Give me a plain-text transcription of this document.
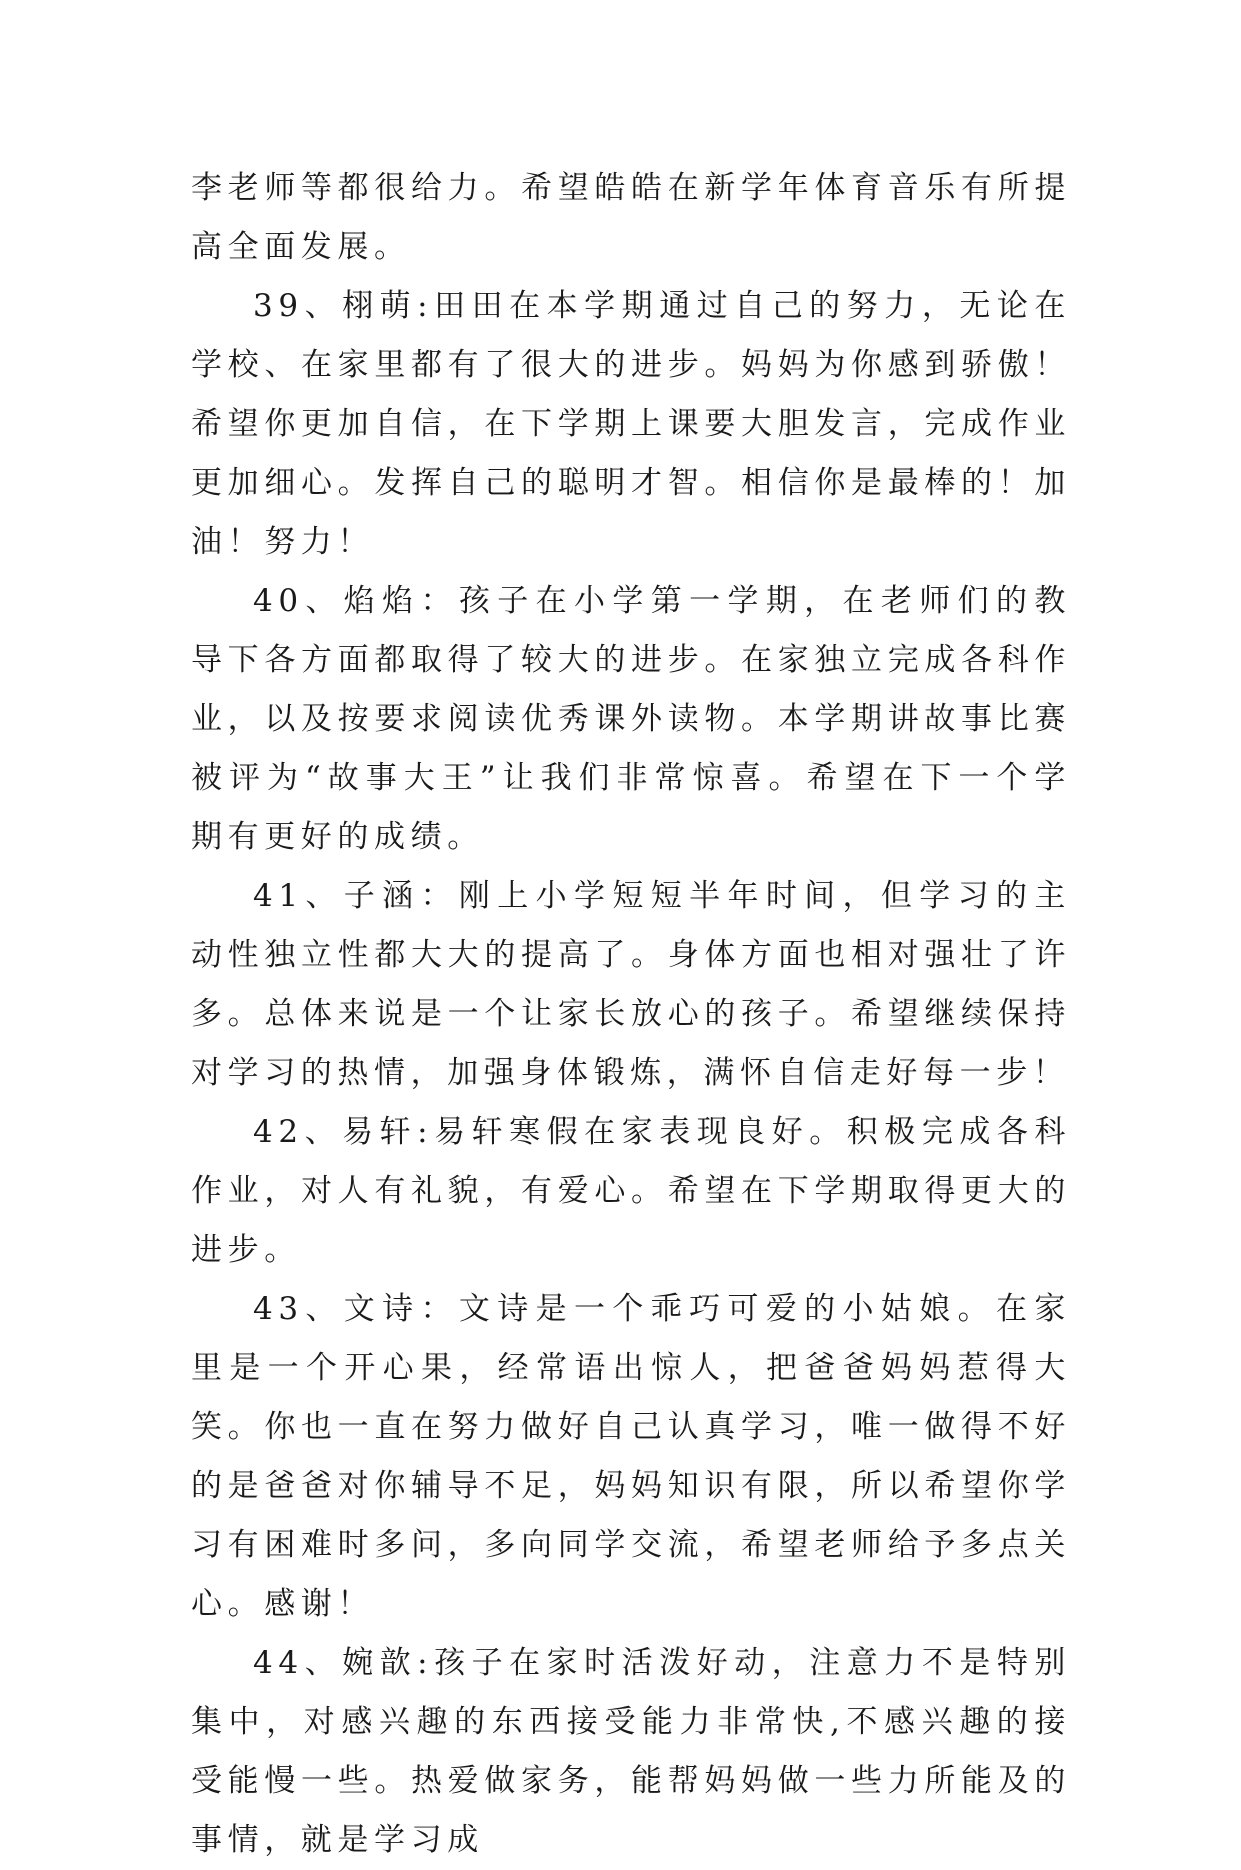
李老师等都很给力。希望皓皓在新学年体育音乐有所提高全面发展。

39、栩萌:田田在本学期通过自己的努力，无论在学校、在家里都有了很大的进步。妈妈为你感到骄傲！希望你更加自信，在下学期上课要大胆发言，完成作业更加细心。发挥自己的聪明才智。相信你是最棒的！加油！努力！

40、焰焰：孩子在小学第一学期，在老师们的教导下各方面都取得了较大的进步。在家独立完成各科作业，以及按要求阅读优秀课外读物。本学期讲故事比赛被评为“故事大王”让我们非常惊喜。希望在下一个学期有更好的成绩。

41、子涵：刚上小学短短半年时间，但学习的主动性独立性都大大的提高了。身体方面也相对强壮了许多。总体来说是一个让家长放心的孩子。希望继续保持对学习的热情，加强身体锻炼，满怀自信走好每一步！

42、易轩:易轩寒假在家表现良好。积极完成各科作业，对人有礼貌，有爱心。希望在下学期取得更大的进步。

43、文诗：文诗是一个乖巧可爱的小姑娘。在家里是一个开心果，经常语出惊人，把爸爸妈妈惹得大笑。你也一直在努力做好自己认真学习，唯一做得不好的是爸爸对你辅导不足，妈妈知识有限，所以希望你学习有困难时多问，多向同学交流，希望老师给予多点关心。感谢！

44、婉歆:孩子在家时活泼好动，注意力不是特别集中，对感兴趣的东西接受能力非常快,不感兴趣的接受能慢一些。热爱做家务，能帮妈妈做一些力所能及的事情，就是学习成
